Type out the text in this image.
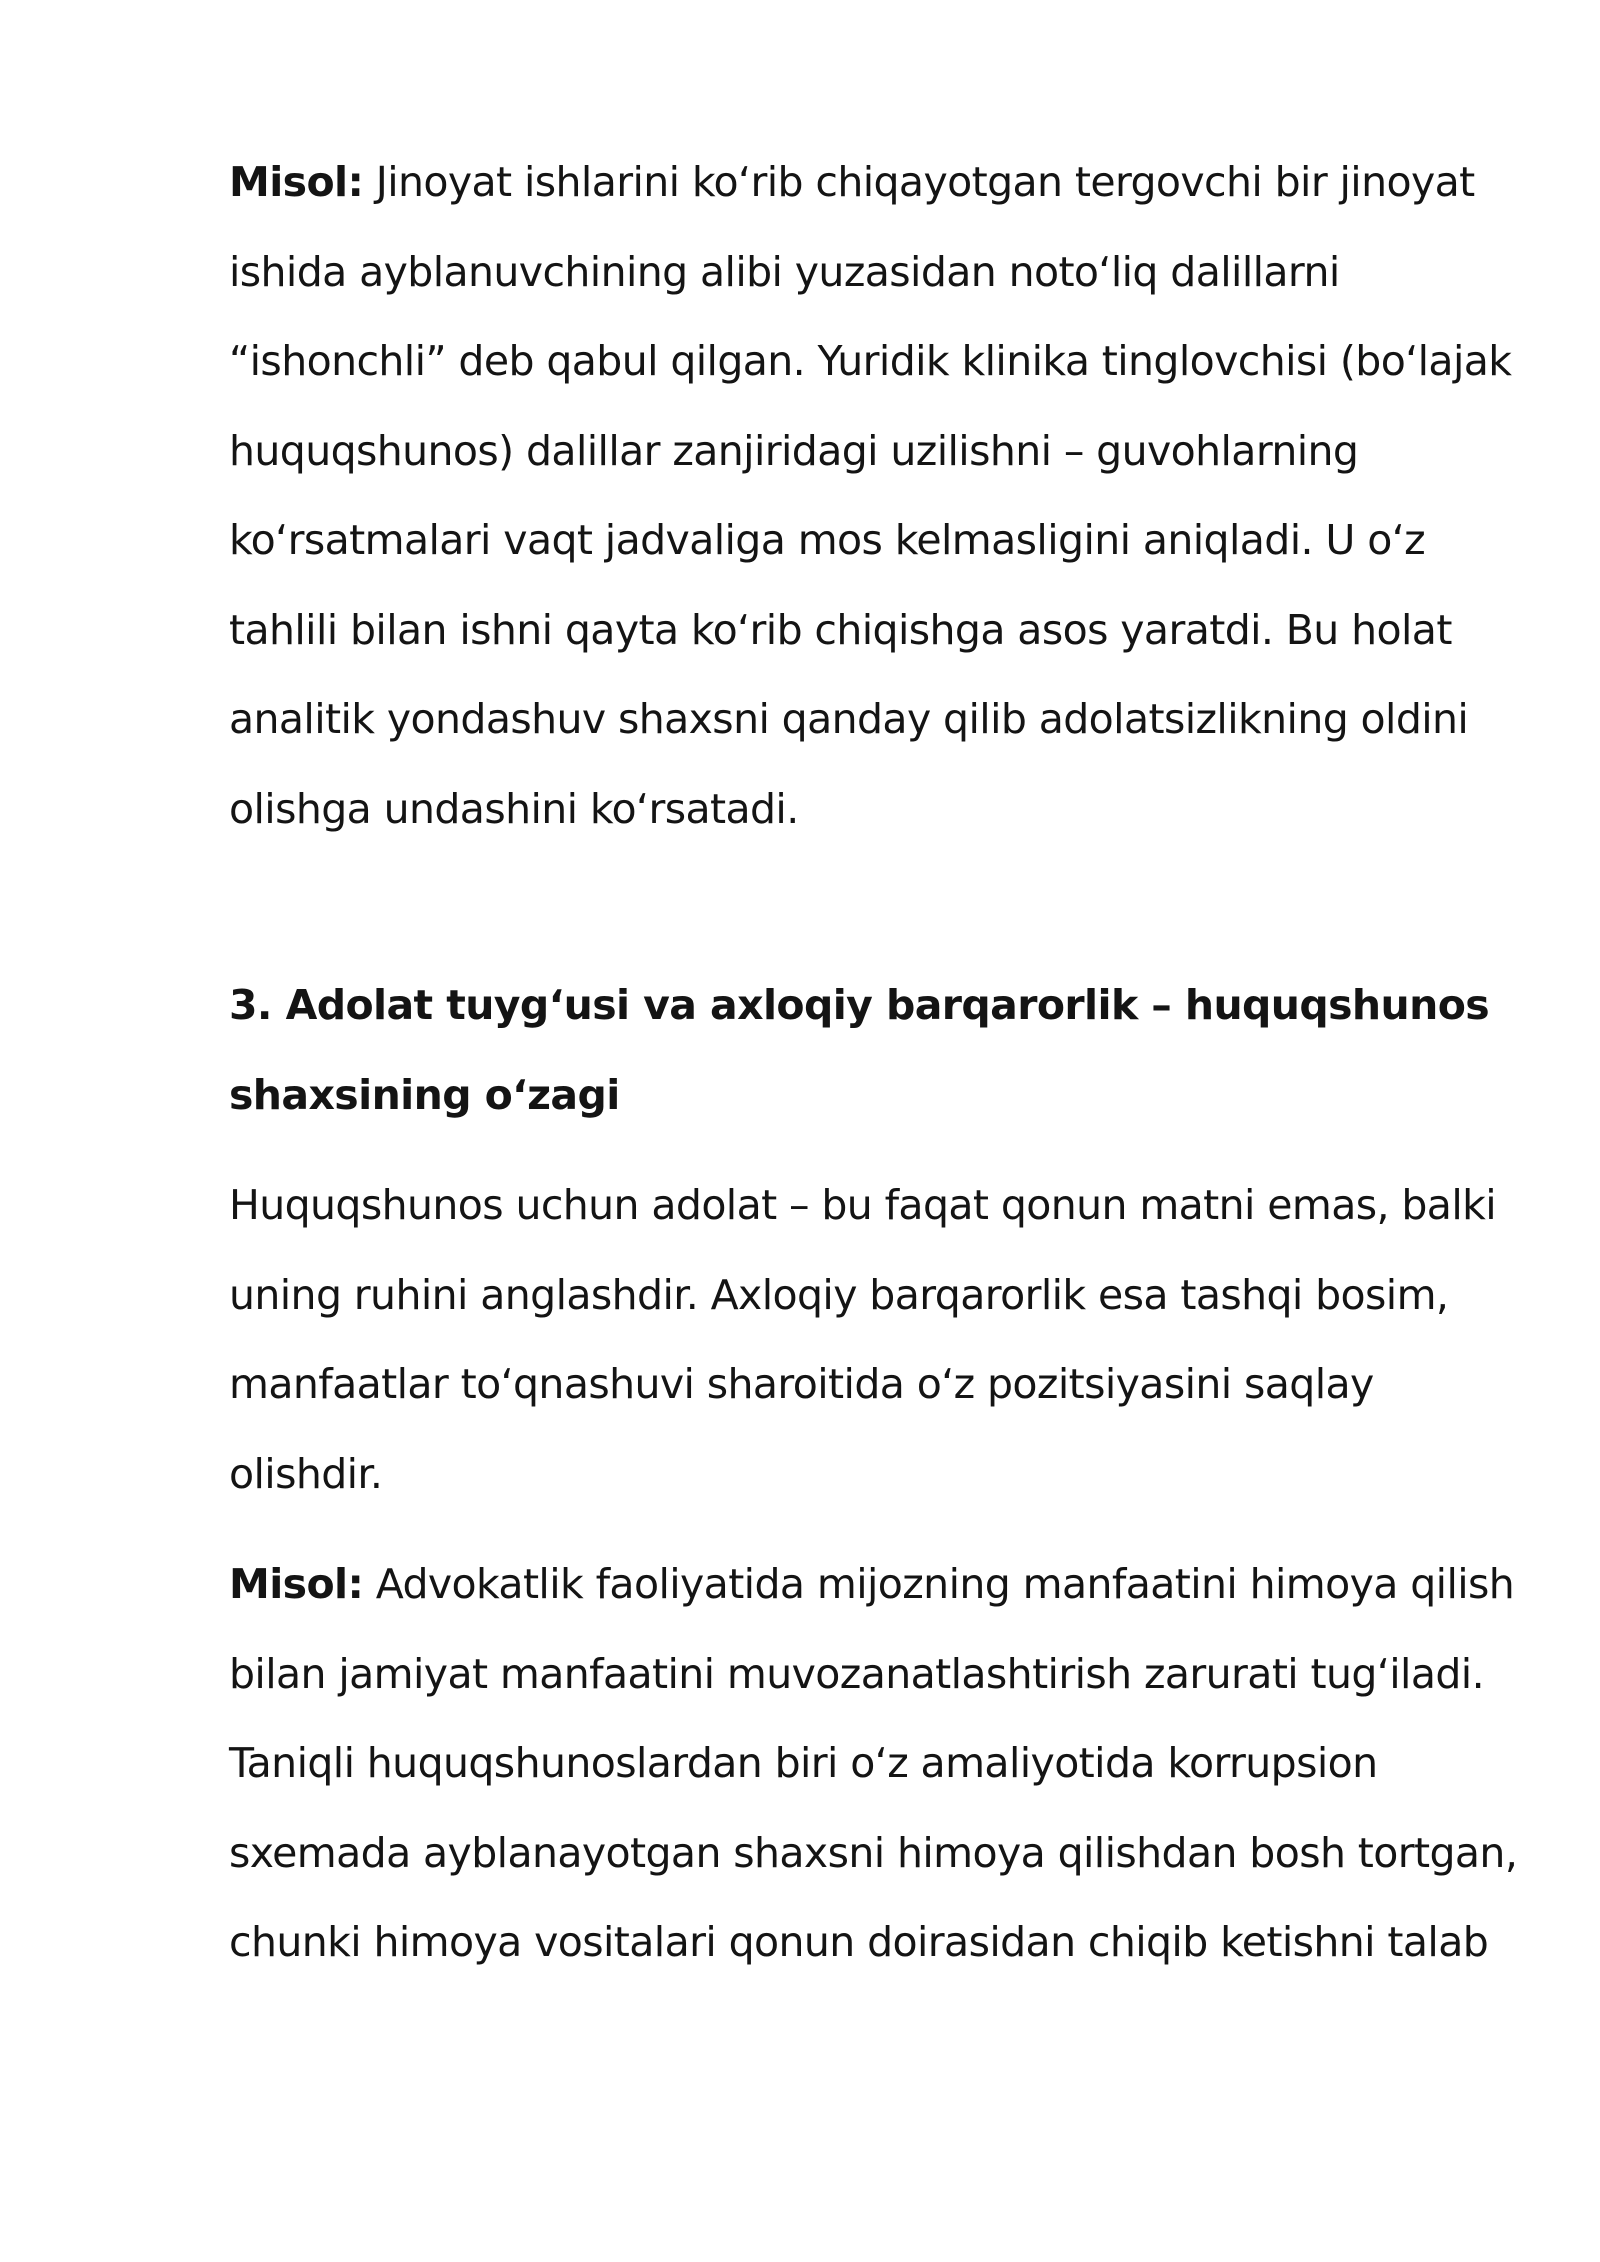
Misol: Jinoyat ishlarini koʻrib chiqayotgan tergovchi bir jinoyat ishida ayblanuvchining alibi yuzasidan notoʻliq dalillarni “ishonchli” deb qabul qilgan. Yuridik klinika tinglovchisi (boʻlajak huquqshunos) dalillar zanjiridagi uzilishni – guvohlarning koʻrsatmalari vaqt jadvaliga mos kelmasligini aniqladi. U oʻz tahlili bilan ishni qayta koʻrib chiqishga asos yaratdi. Bu holat analitik yondashuv shaxsni qanday qilib adolatsizlikning oldini olishga undashini koʻrsatadi.

3. Adolat tuygʻusi va axloqiy barqarorlik – huquqshunos shaxsining oʻzagi

Huquqshunos uchun adolat – bu faqat qonun matni emas, balki uning ruhini anglashdir. Axloqiy barqarorlik esa tashqi bosim, manfaatlar toʻqnashuvi sharoitida oʻz pozitsiyasini saqlay olishdir.

Misol: Advokatlik faoliyatida mijozning manfaatini himoya qilish bilan jamiyat manfaatini muvozanatlashtirish zarurati tugʻiladi. Taniqli huquqshunoslardan biri oʻz amaliyotida korrupsion sxemada ayblanayotgan shaxsni himoya qilishdan bosh tortgan, chunki himoya vositalari qonun doirasidan chiqib ketishni talab
